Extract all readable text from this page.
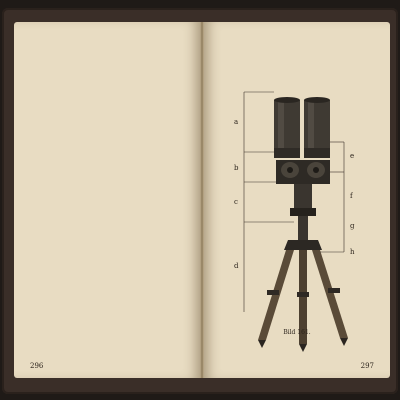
296
a
b
c
d
e
f
g
h
Bild 161.
297
